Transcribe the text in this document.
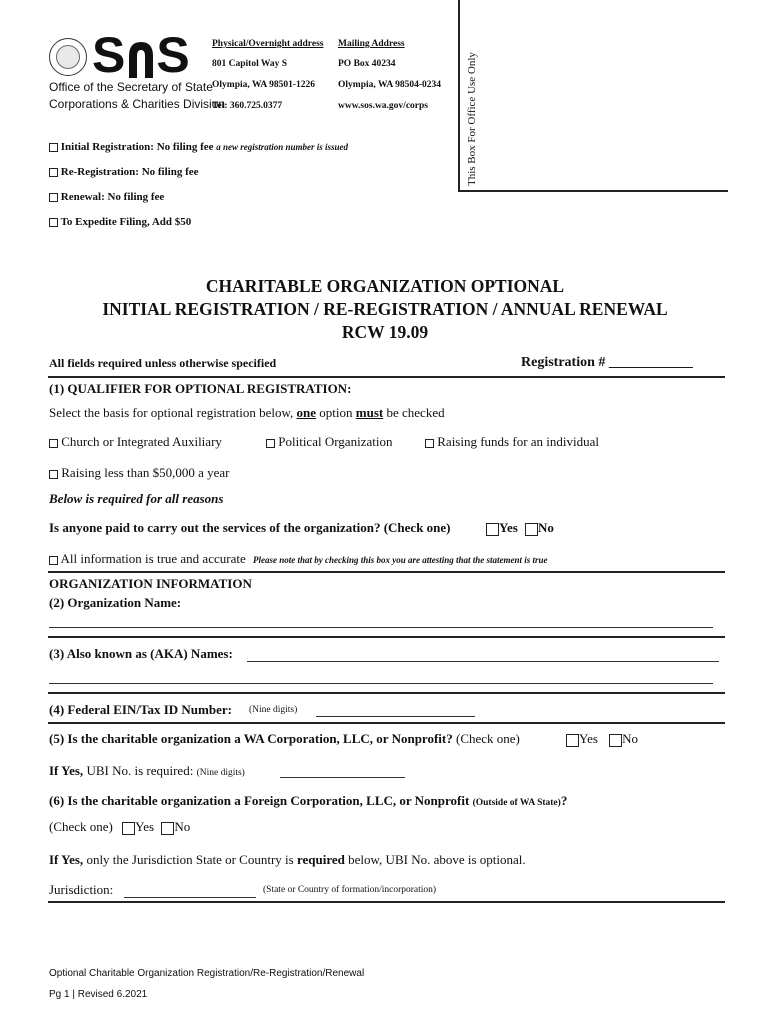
S S
Office of the Secretary of State
Corporations & Charities Division
Physical/Overnight address
801 Capitol Way S
Olympia, WA 98501-1226
Tel: 360.725.0377
Mailing Address
PO Box 40234
Olympia, WA 98504-0234
www.sos.wa.gov/corps	This Box For Office Use Only
Initial Registration: No filing fee a new registration number is issued
Re-Registration: No filing fee
Renewal: No filing fee
To Expedite Filing, Add $50
CHARITABLE ORGANIZATION OPTIONAL
INITIAL REGISTRATION / RE-REGISTRATION / ANNUAL RENEWAL
RCW 19.09
All fields required unless otherwise specified	Registration # ____________
(1) QUALIFIER FOR OPTIONAL REGISTRATION:
Select the basis for optional registration below, one option must be checked
Church or Integrated Auxiliary	Political Organization	Raising funds for an individual
Raising less than $50,000 a year
Below is required for all reasons
Is anyone paid to carry out the services of the organization? (Check one)	Yes No
All information is true and accurate Please note that by checking this box you are attesting that the statement is true
ORGANIZATION INFORMATION
(2) Organization Name:
(3) Also known as (AKA) Names:
(4) Federal EIN/Tax ID Number: (Nine digits)
(5) Is the charitable organization a WA Corporation, LLC, or Nonprofit? (Check one)	Yes No
If Yes, UBI No. is required: (Nine digits)
(6) Is the charitable organization a Foreign Corporation, LLC, or Nonprofit (Outside of WA State)?
(Check one) Yes No
If Yes, only the Jurisdiction State or Country is required below, UBI No. above is optional.
Jurisdiction:	(State or Country of formation/incorporation)
Optional Charitable Organization Registration/Re-Registration/Renewal
Pg 1 | Revised 6.2021
